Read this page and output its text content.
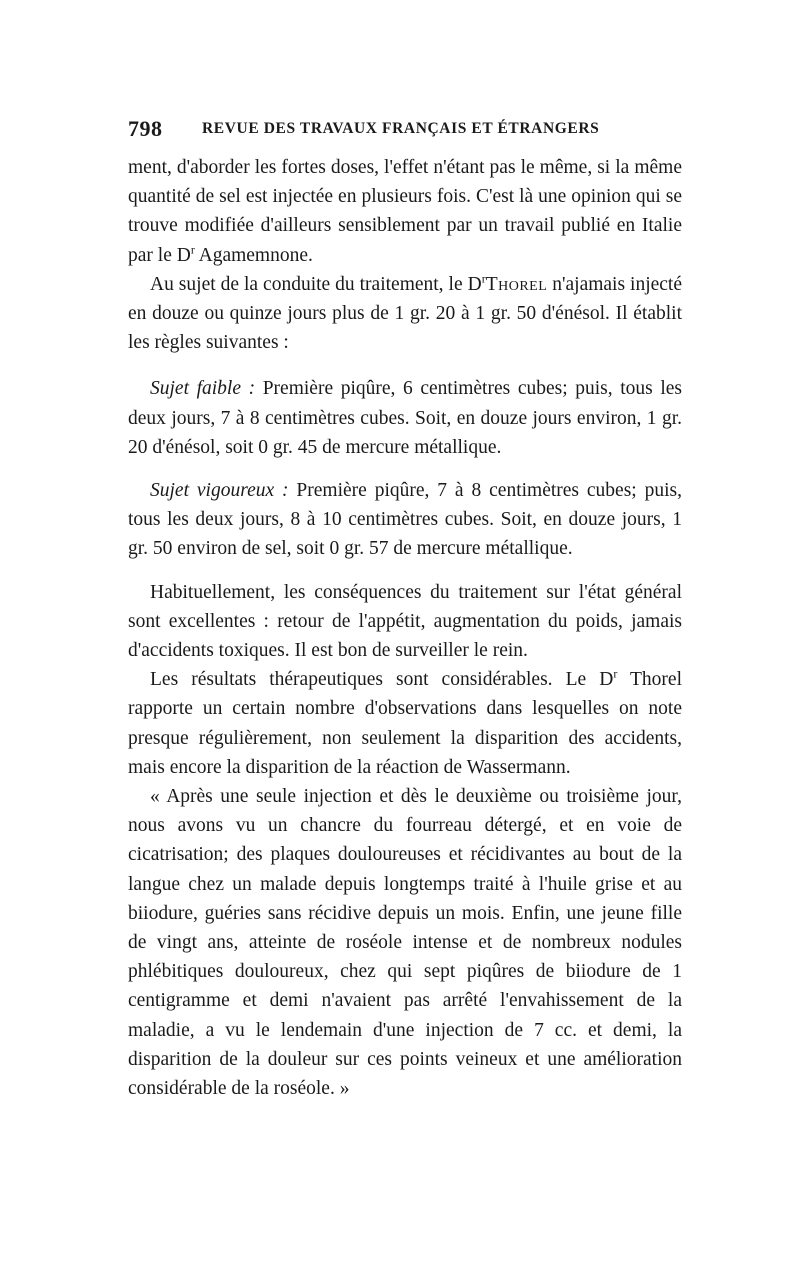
798	REVUE DES TRAVAUX FRANÇAIS ET ÉTRANGERS

ment, d'aborder les fortes doses, l'effet n'étant pas le même, si la même quantité de sel est injectée en plusieurs fois. C'est là une opinion qui se trouve modifiée d'ailleurs sensiblement par un travail publié en Italie par le $D^r$ Agamemnone.

Au sujet de la conduite du traitement, le $D^rThorel$ n'ajamais injecté en douze ou quinze jours plus de 1 gr. 20 à 1 gr. 50 d'énésol. Il établit les règles suivantes :

Sujet faible : Première piqûre, 6 centimètres cubes; puis, tous les deux jours, 7 à 8 centimètres cubes. Soit, en douze jours environ, 1 gr. 20 d'énésol, soit 0 gr. 45 de mercure métallique.

Sujet vigoureux : Première piqûre, 7 à 8 centimètres cubes; puis, tous les deux jours, 8 à 10 centimètres cubes. Soit, en douze jours, 1 gr. 50 environ de sel, soit 0 gr. 57 de mercure métallique.

Habituellement, les conséquences du traitement sur l'état général sont excellentes : retour de l'appétit, augmentation du poids, jamais d'accidents toxiques. Il est bon de surveiller le rein.

Les résultats thérapeutiques sont considérables. Le $D^r$ Thorel rapporte un certain nombre d'observations dans lesquelles on note presque régulièrement, non seulement la disparition des accidents, mais encore la disparition de la réaction de Wassermann.

« Après une seule injection et dès le deuxième ou troisième jour, nous avons vu un chancre du fourreau détergé, et en voie de cicatrisation; des plaques douloureuses et récidivantes au bout de la langue chez un malade depuis longtemps traité à l'huile grise et au biiodure, guéries sans récidive depuis un mois. Enfin, une jeune fille de vingt ans, atteinte de roséole intense et de nombreux nodules phlébitiques douloureux, chez qui sept piqûres de biiodure de 1 centigramme et demi n'avaient pas arrêté l'envahissement de la maladie, a vu le lendemain d'une injection de 7 cc. et demi, la disparition de la douleur sur ces points veineux et une amélioration considérable de la roséole. »
